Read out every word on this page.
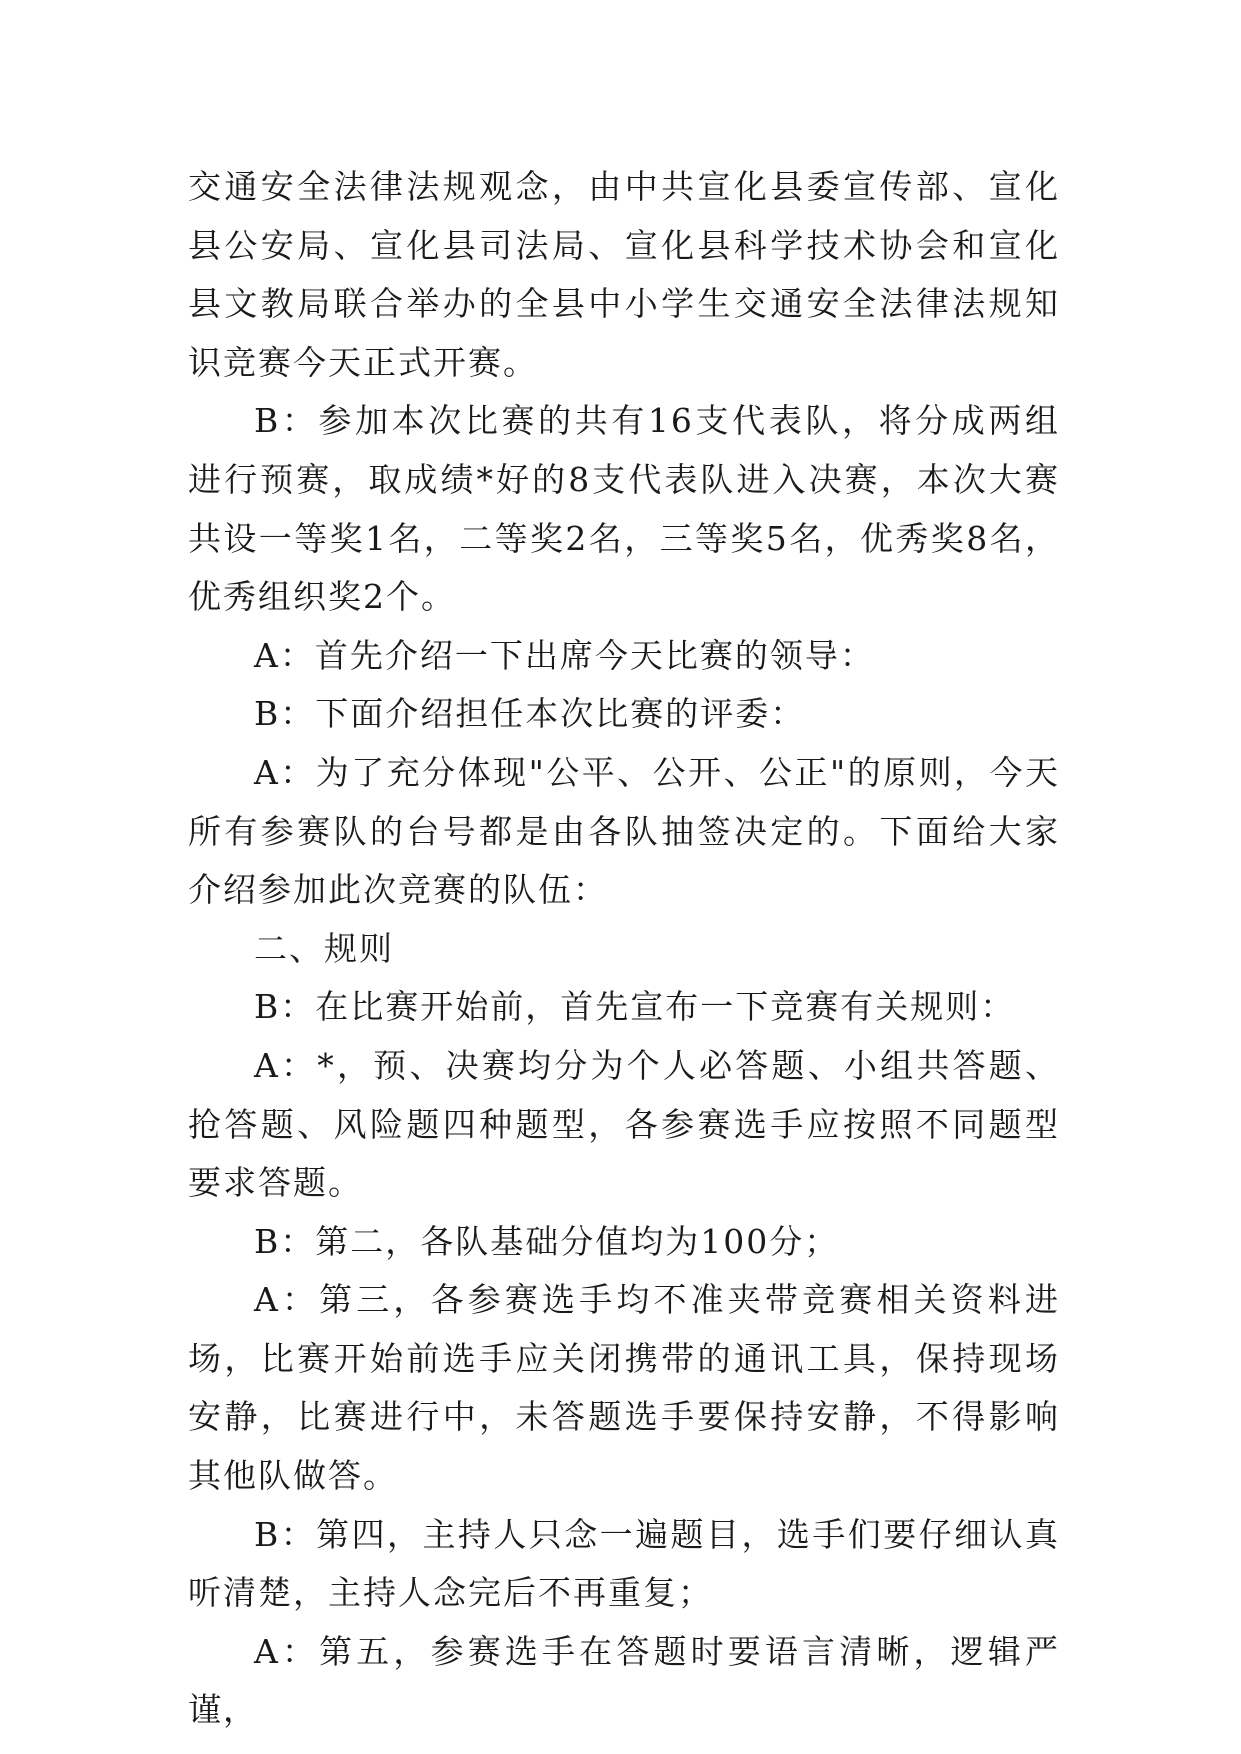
交通安全法律法规观念，由中共宣化县委宣传部、宣化县公安局、宣化县司法局、宣化县科学技术协会和宣化县文教局联合举办的全县中小学生交通安全法律法规知识竞赛今天正式开赛。

B：参加本次比赛的共有16支代表队，将分成两组进行预赛，取成绩*好的8支代表队进入决赛，本次大赛共设一等奖1名，二等奖2名，三等奖5名，优秀奖8名，优秀组织奖2个。

A：首先介绍一下出席今天比赛的领导：

B：下面介绍担任本次比赛的评委：

A：为了充分体现"公平、公开、公正"的原则，今天所有参赛队的台号都是由各队抽签决定的。下面给大家介绍参加此次竞赛的队伍：

二、规则

B：在比赛开始前，首先宣布一下竞赛有关规则：

A：*，预、决赛均分为个人必答题、小组共答题、抢答题、风险题四种题型，各参赛选手应按照不同题型要求答题。

B：第二，各队基础分值均为100分；

A：第三，各参赛选手均不准夹带竞赛相关资料进场，比赛开始前选手应关闭携带的通讯工具，保持现场安静，比赛进行中，未答题选手要保持安静，不得影响其他队做答。

B：第四，主持人只念一遍题目，选手们要仔细认真听清楚，主持人念完后不再重复；

A：第五，参赛选手在答题时要语言清晰，逻辑严谨，
